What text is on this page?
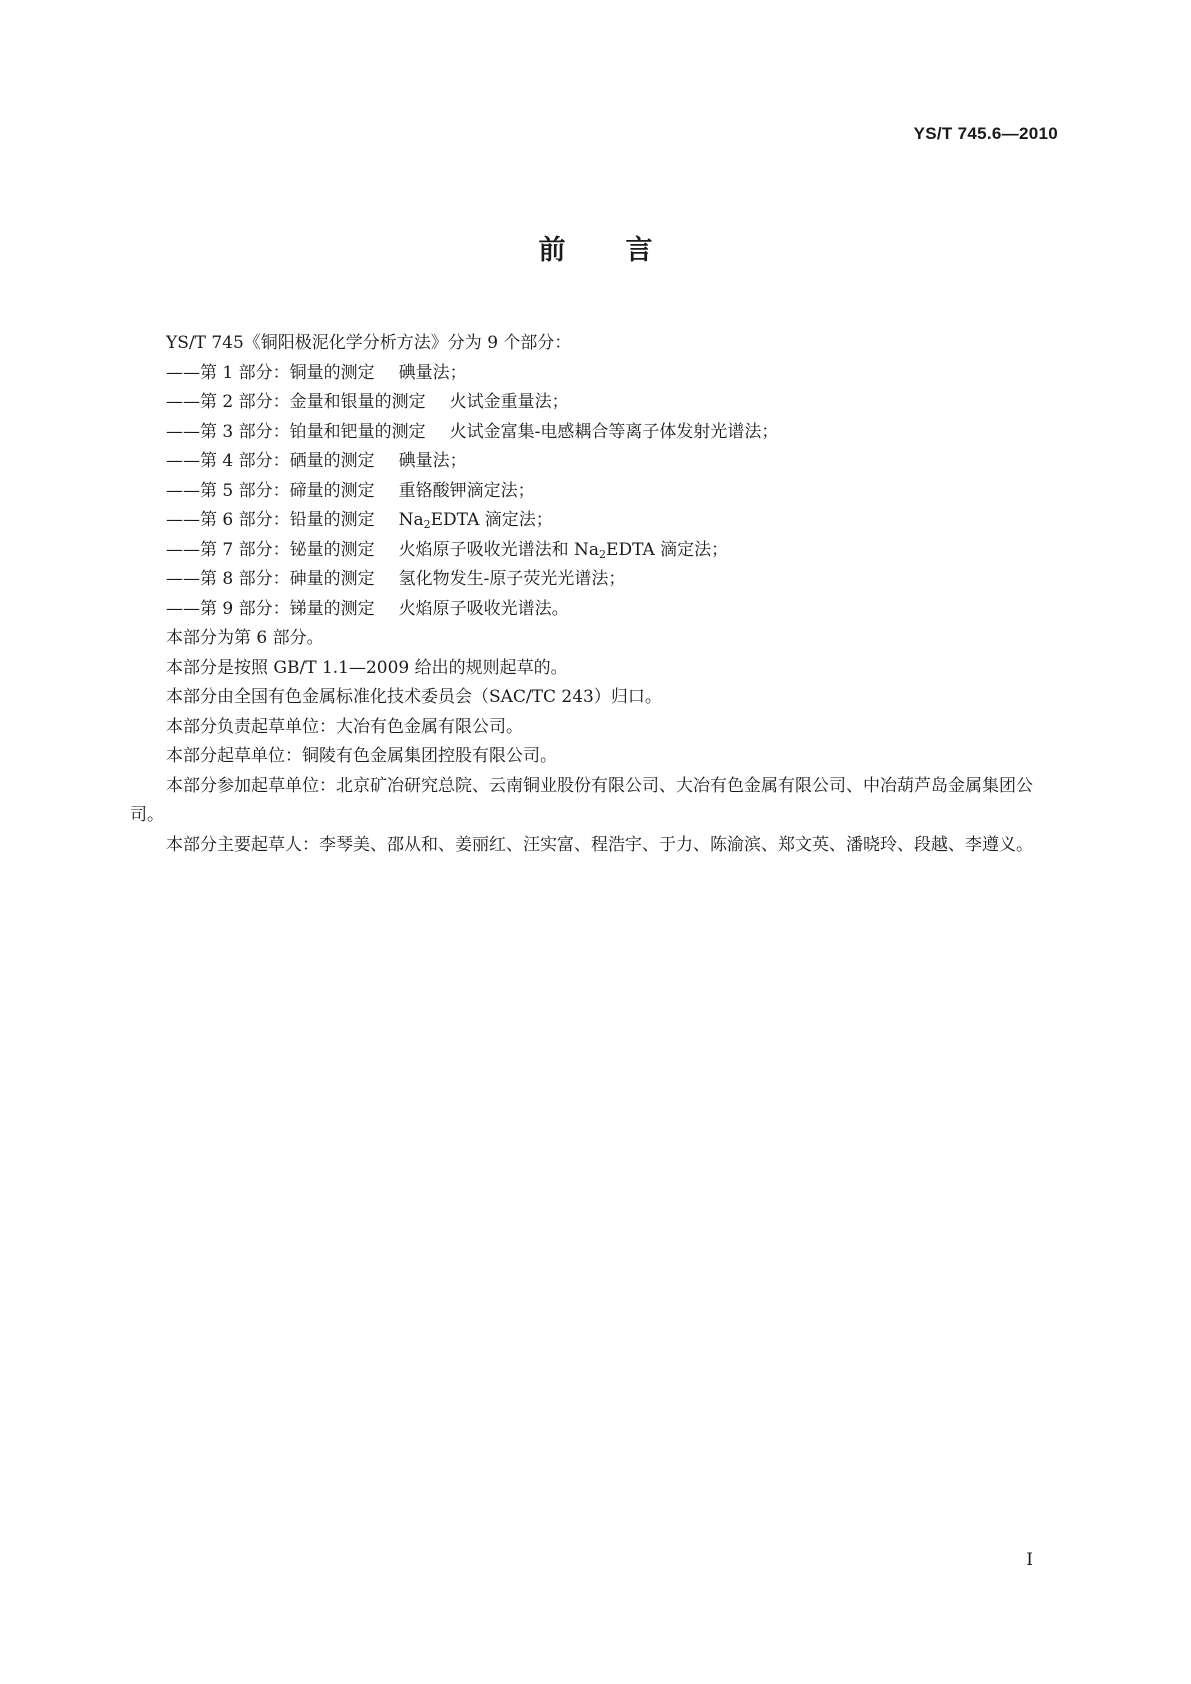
YS/T 745.6—2010
前言

YS/T 745《铜阳极泥化学分析方法》分为 9 个部分：

——第 1 部分：铜量的测定 碘量法；

——第 2 部分：金量和银量的测定 火试金重量法；

——第 3 部分：铂量和钯量的测定 火试金富集-电感耦合等离子体发射光谱法；

——第 4 部分：硒量的测定 碘量法；

——第 5 部分：碲量的测定 重铬酸钾滴定法；

——第 6 部分：铅量的测定 $Na_2EDTA$ 滴定法；

——第 7 部分：铋量的测定 火焰原子吸收光谱法和 $Na_2EDTA$ 滴定法；

——第 8 部分：砷量的测定 氢化物发生-原子荧光光谱法；

——第 9 部分：锑量的测定 火焰原子吸收光谱法。

本部分为第 6 部分。

本部分是按照 GB/T 1.1—2009 给出的规则起草的。

本部分由全国有色金属标准化技术委员会（SAC/TC 243）归口。

本部分负责起草单位：大冶有色金属有限公司。

本部分起草单位：铜陵有色金属集团控股有限公司。

本部分参加起草单位：北京矿冶研究总院、云南铜业股份有限公司、大冶有色金属有限公司、中冶葫芦岛金属集团公司。

本部分主要起草人：李琴美、邵从和、姜丽红、汪实富、程浩宇、于力、陈渝滨、郑文英、潘晓玲、段越、李遵义。

I
